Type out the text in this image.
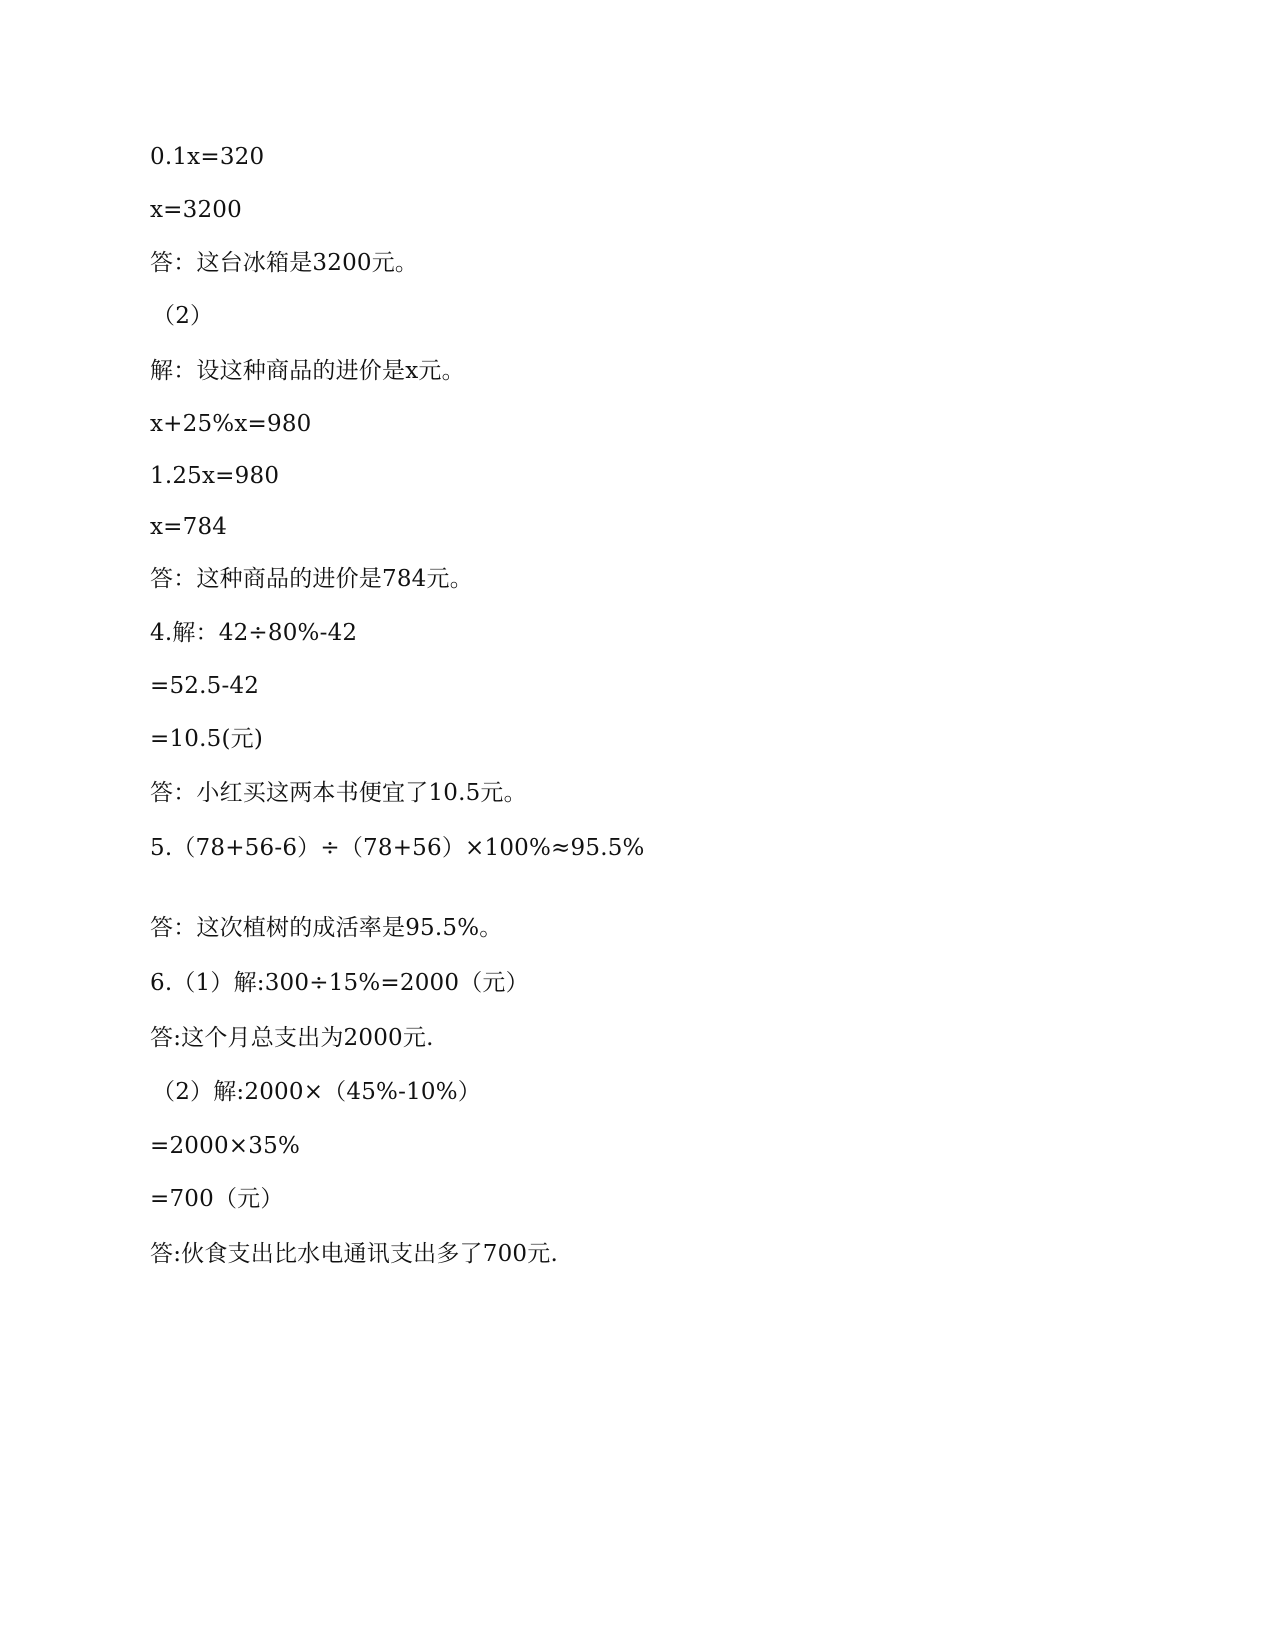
0.1x=320

x=3200

答：这台冰箱是3200元。

（2）

解：设这种商品的进价是x元。

x+25%x=980

1.25x=980

x=784

答：这种商品的进价是784元。

4.解：42÷80%-42

=52.5-42

=10.5(元)

答：小红买这两本书便宜了10.5元。

5.（78+56-6）÷（78+56）×100%≈95.5%

答：这次植树的成活率是95.5%。

6.（1）解:300÷15%=2000（元）

答:这个月总支出为2000元.

（2）解:2000×（45%-10%）

=2000×35%

=700（元）

答:伙食支出比水电通讯支出多了700元.
